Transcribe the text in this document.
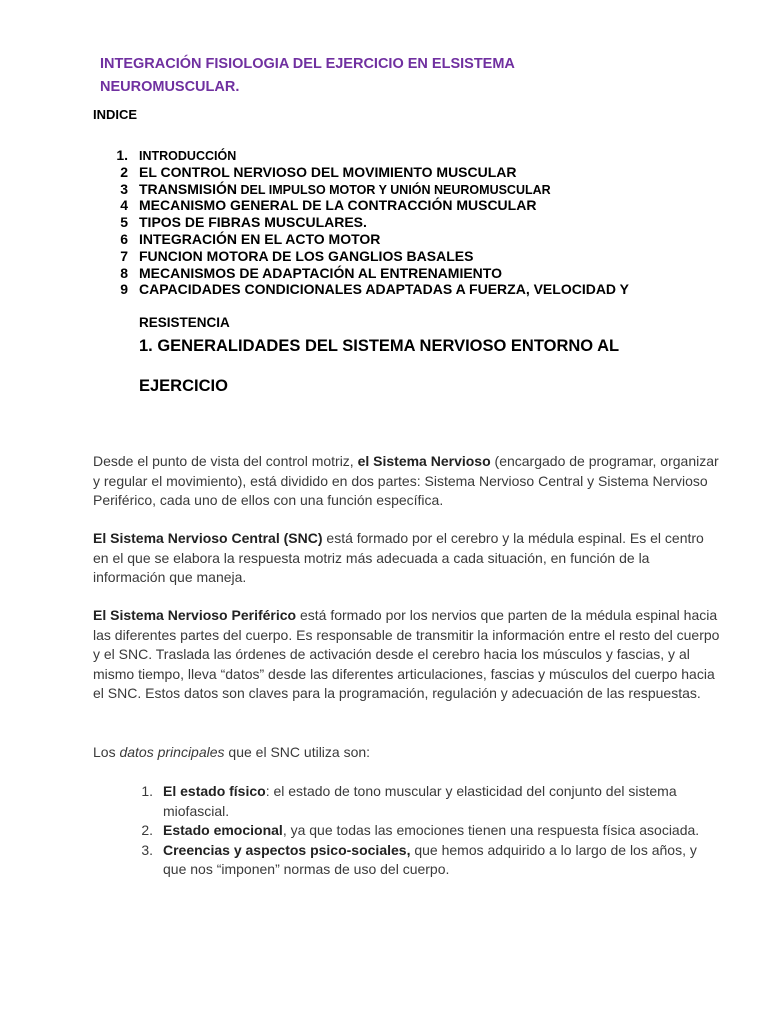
INTEGRACIÓN FISIOLOGIA DEL EJERCICIO EN ELSISTEMA
NEUROMUSCULAR.
INDICE
1. INTRODUCCIÓN
2 EL CONTROL NERVIOSO DEL MOVIMIENTO MUSCULAR
3 TRANSMISIÓN DEL IMPULSO MOTOR Y UNIÓN NEUROMUSCULAR
4 MECANISMO GENERAL DE LA CONTRACCIÓN MUSCULAR
5 TIPOS DE FIBRAS MUSCULARES.
6 INTEGRACIÓN EN EL ACTO MOTOR
7 FUNCION MOTORA DE LOS GANGLIOS BASALES
8 MECANISMOS DE ADAPTACIÓN AL ENTRENAMIENTO
9 CAPACIDADES CONDICIONALES ADAPTADAS A FUERZA, VELOCIDAD Y
RESISTENCIA
1. GENERALIDADES DEL SISTEMA NERVIOSO ENTORNO AL
EJERCICIO
Desde el punto de vista del control motriz, el Sistema Nervioso (encargado de programar, organizar y regular el movimiento), está dividido en dos partes: Sistema Nervioso Central y Sistema Nervioso Periférico, cada uno de ellos con una función específica.
El Sistema Nervioso Central (SNC) está formado por el cerebro y la médula espinal. Es el centro en el que se elabora la respuesta motriz más adecuada a cada situación, en función de la información que maneja.
El Sistema Nervioso Periférico está formado por los nervios que parten de la médula espinal hacia las diferentes partes del cuerpo. Es responsable de transmitir la información entre el resto del cuerpo y el SNC. Traslada las órdenes de activación desde el cerebro hacia los músculos y fascias, y al mismo tiempo, lleva “datos” desde las diferentes articulaciones, fascias y músculos del cuerpo hacia el SNC. Estos datos son claves para la programación, regulación y adecuación de las respuestas.
Los datos principales que el SNC utiliza son:
1. El estado físico: el estado de tono muscular y elasticidad del conjunto del sistema miofascial.
2. Estado emocional, ya que todas las emociones tienen una respuesta física asociada.
3. Creencias y aspectos psico-sociales, que hemos adquirido a lo largo de los años, y que nos “imponen” normas de uso del cuerpo.
